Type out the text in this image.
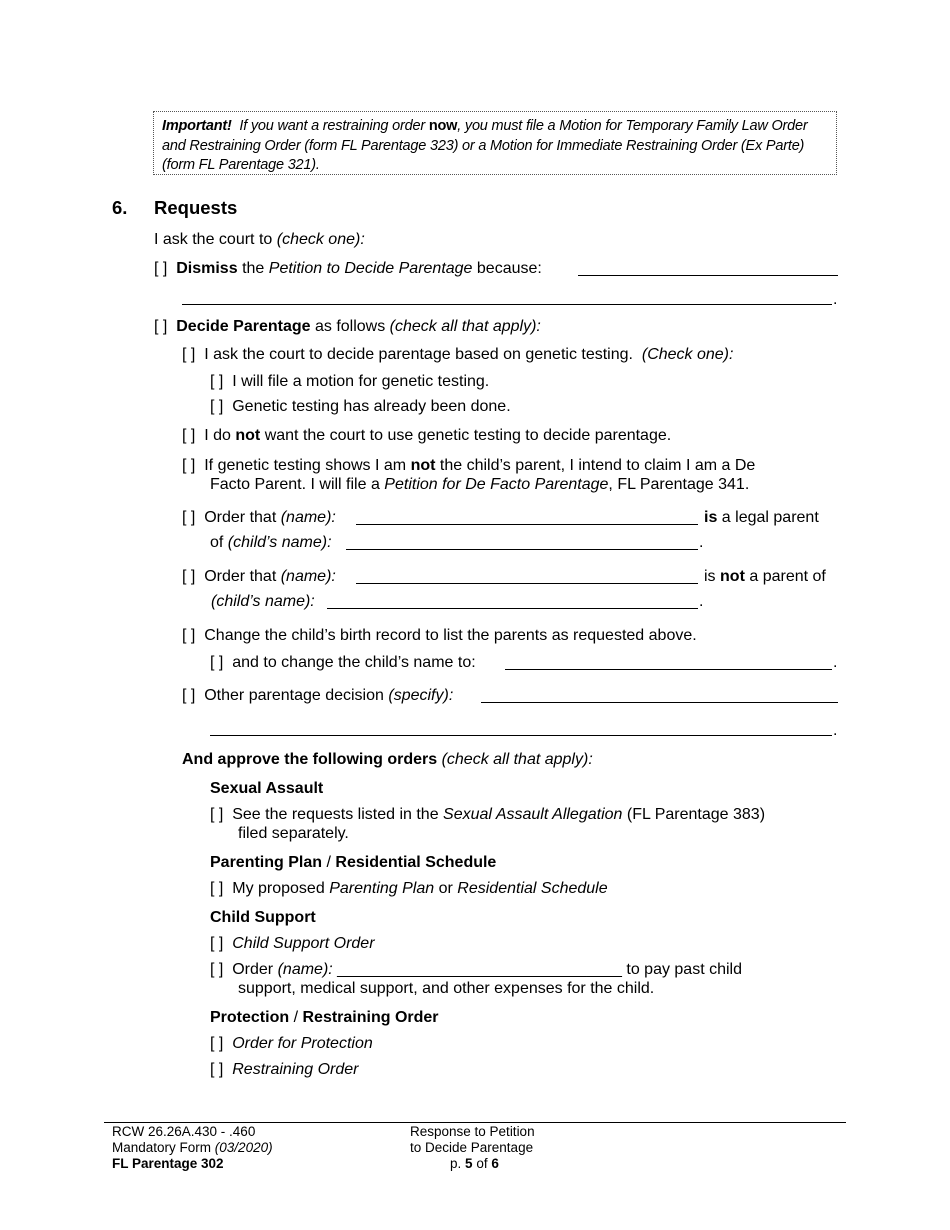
Important! If you want a restraining order now, you must file a Motion for Temporary Family Law Order
and Restraining Order (form FL Parentage 323) or a Motion for Immediate Restraining Order (Ex Parte)
(form FL Parentage 321).
6. Requests
I ask the court to (check one):
[ ] Dismiss the Petition to Decide Parentage because:
.
[ ] Decide Parentage as follows (check all that apply):
[ ] I ask the court to decide parentage based on genetic testing. (Check one):
[ ] I will file a motion for genetic testing.
[ ] Genetic testing has already been done.
[ ] I do not want the court to use genetic testing to decide parentage.
[ ] If genetic testing shows I am not the child’s parent, I intend to claim I am a De
Facto Parent. I will file a Petition for De Facto Parentage, FL Parentage 341.
[ ] Order that (name):	is a legal parent
of (child’s name):	.
[ ] Order that (name):	is not a parent of
(child’s name):	.
[ ] Change the child’s birth record to list the parents as requested above.
[ ] and to change the child’s name to:	.
[ ] Other parentage decision (specify):
.
And approve the following orders (check all that apply):
Sexual Assault
[ ] See the requests listed in the Sexual Assault Allegation (FL Parentage 383)
filed separately.
Parenting Plan / Residential Schedule
[ ] My proposed Parenting Plan or Residential Schedule
Child Support
[ ] Child Support Order
[ ] Order (name): ________________________________ to pay past child
support, medical support, and other expenses for the child.
Protection / Restraining Order
[ ] Order for Protection
[ ] Restraining Order
RCW 26.26A.430 - .460
Mandatory Form (03/2020)
FL Parentage 302
Response to Petition
to Decide Parentage
p. 5 of 6
